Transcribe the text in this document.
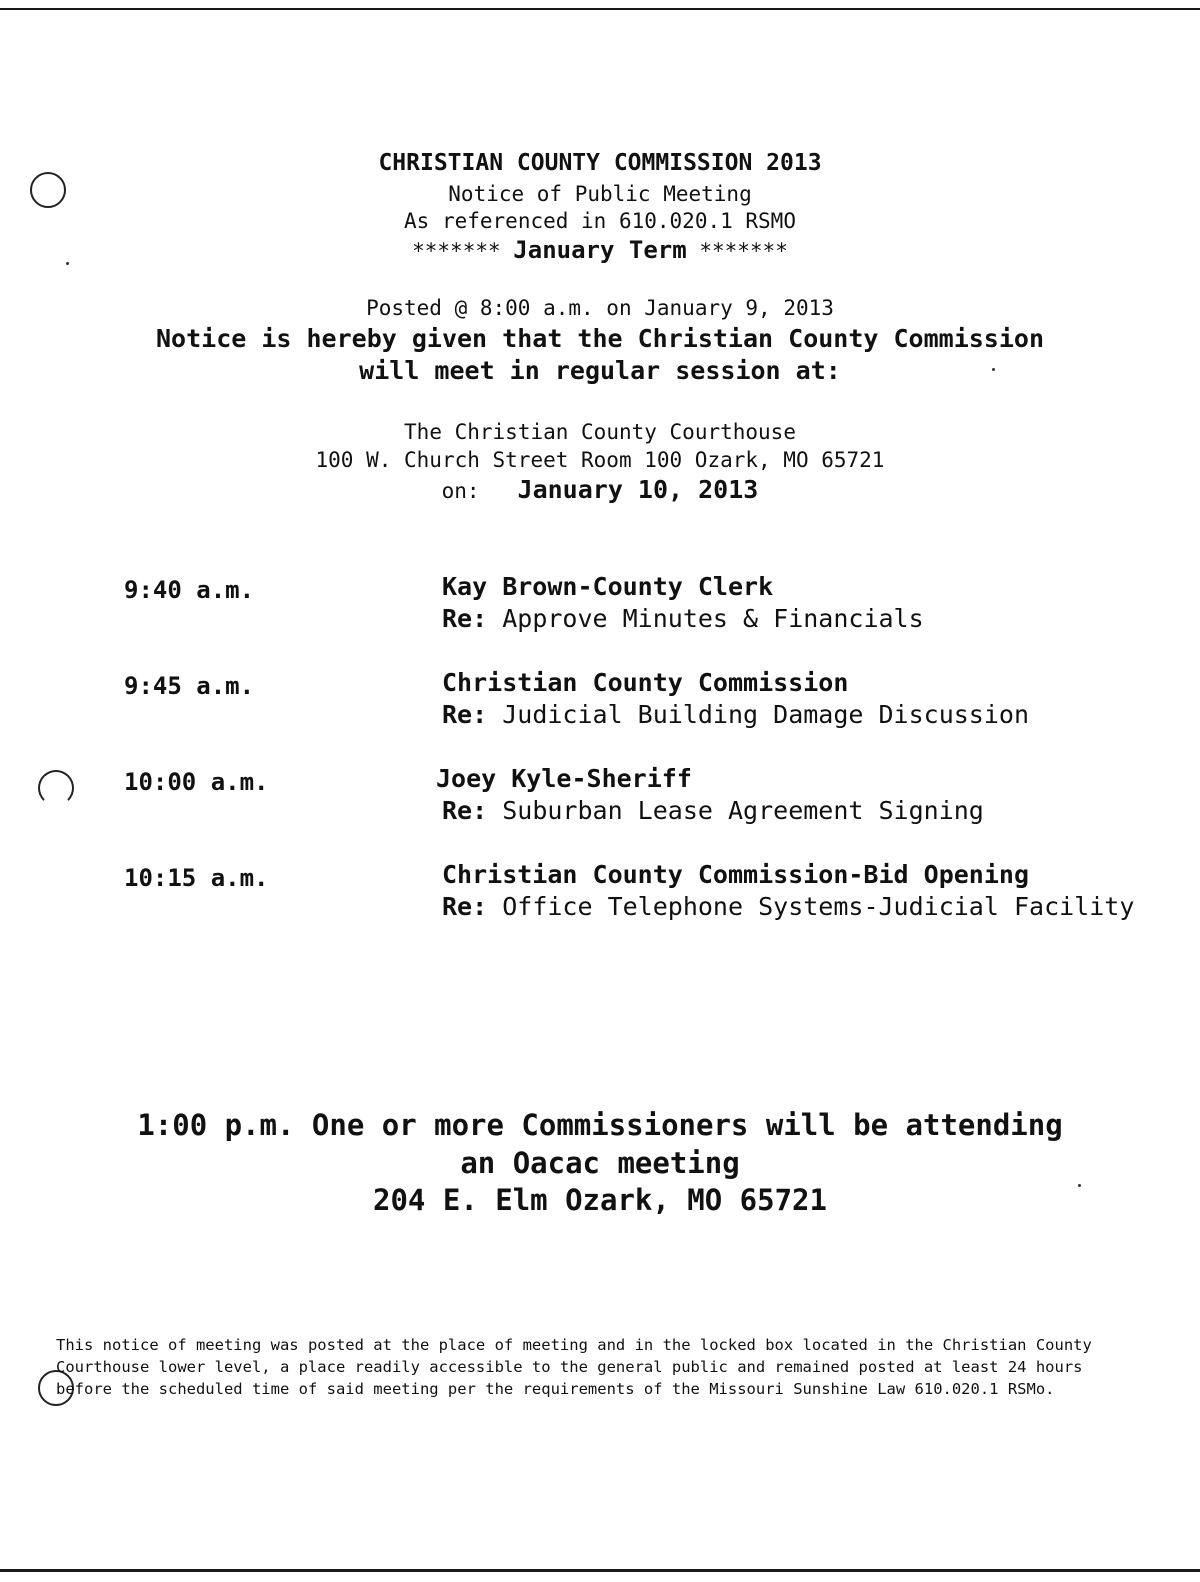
CHRISTIAN COUNTY COMMISSION 2013
Notice of Public Meeting
As referenced in 610.020.1 RSMO
******* January Term *******
Posted @ 8:00 a.m. on January 9, 2013
Notice is hereby given that the Christian County Commission
will meet in regular session at:
The Christian County Courthouse
100 W. Church Street Room 100 Ozark, MO 65721
on: January 10, 2013
9:40 a.m.	Kay Brown-County Clerk
Re: Approve Minutes & Financials
9:45 a.m.	Christian County Commission
Re: Judicial Building Damage Discussion
10:00 a.m.	Joey Kyle-Sheriff
Re: Suburban Lease Agreement Signing
10:15 a.m.	Christian County Commission-Bid Opening
Re: Office Telephone Systems-Judicial Facility
1:00 p.m. One or more Commissioners will be attending
an Oacac meeting
204 E. Elm Ozark, MO 65721
This notice of meeting was posted at the place of meeting and in the locked box located in the Christian County
Courthouse lower level, a place readily accessible to the general public and remained posted at least 24 hours
before the scheduled time of said meeting per the requirements of the Missouri Sunshine Law 610.020.1 RSMo.
